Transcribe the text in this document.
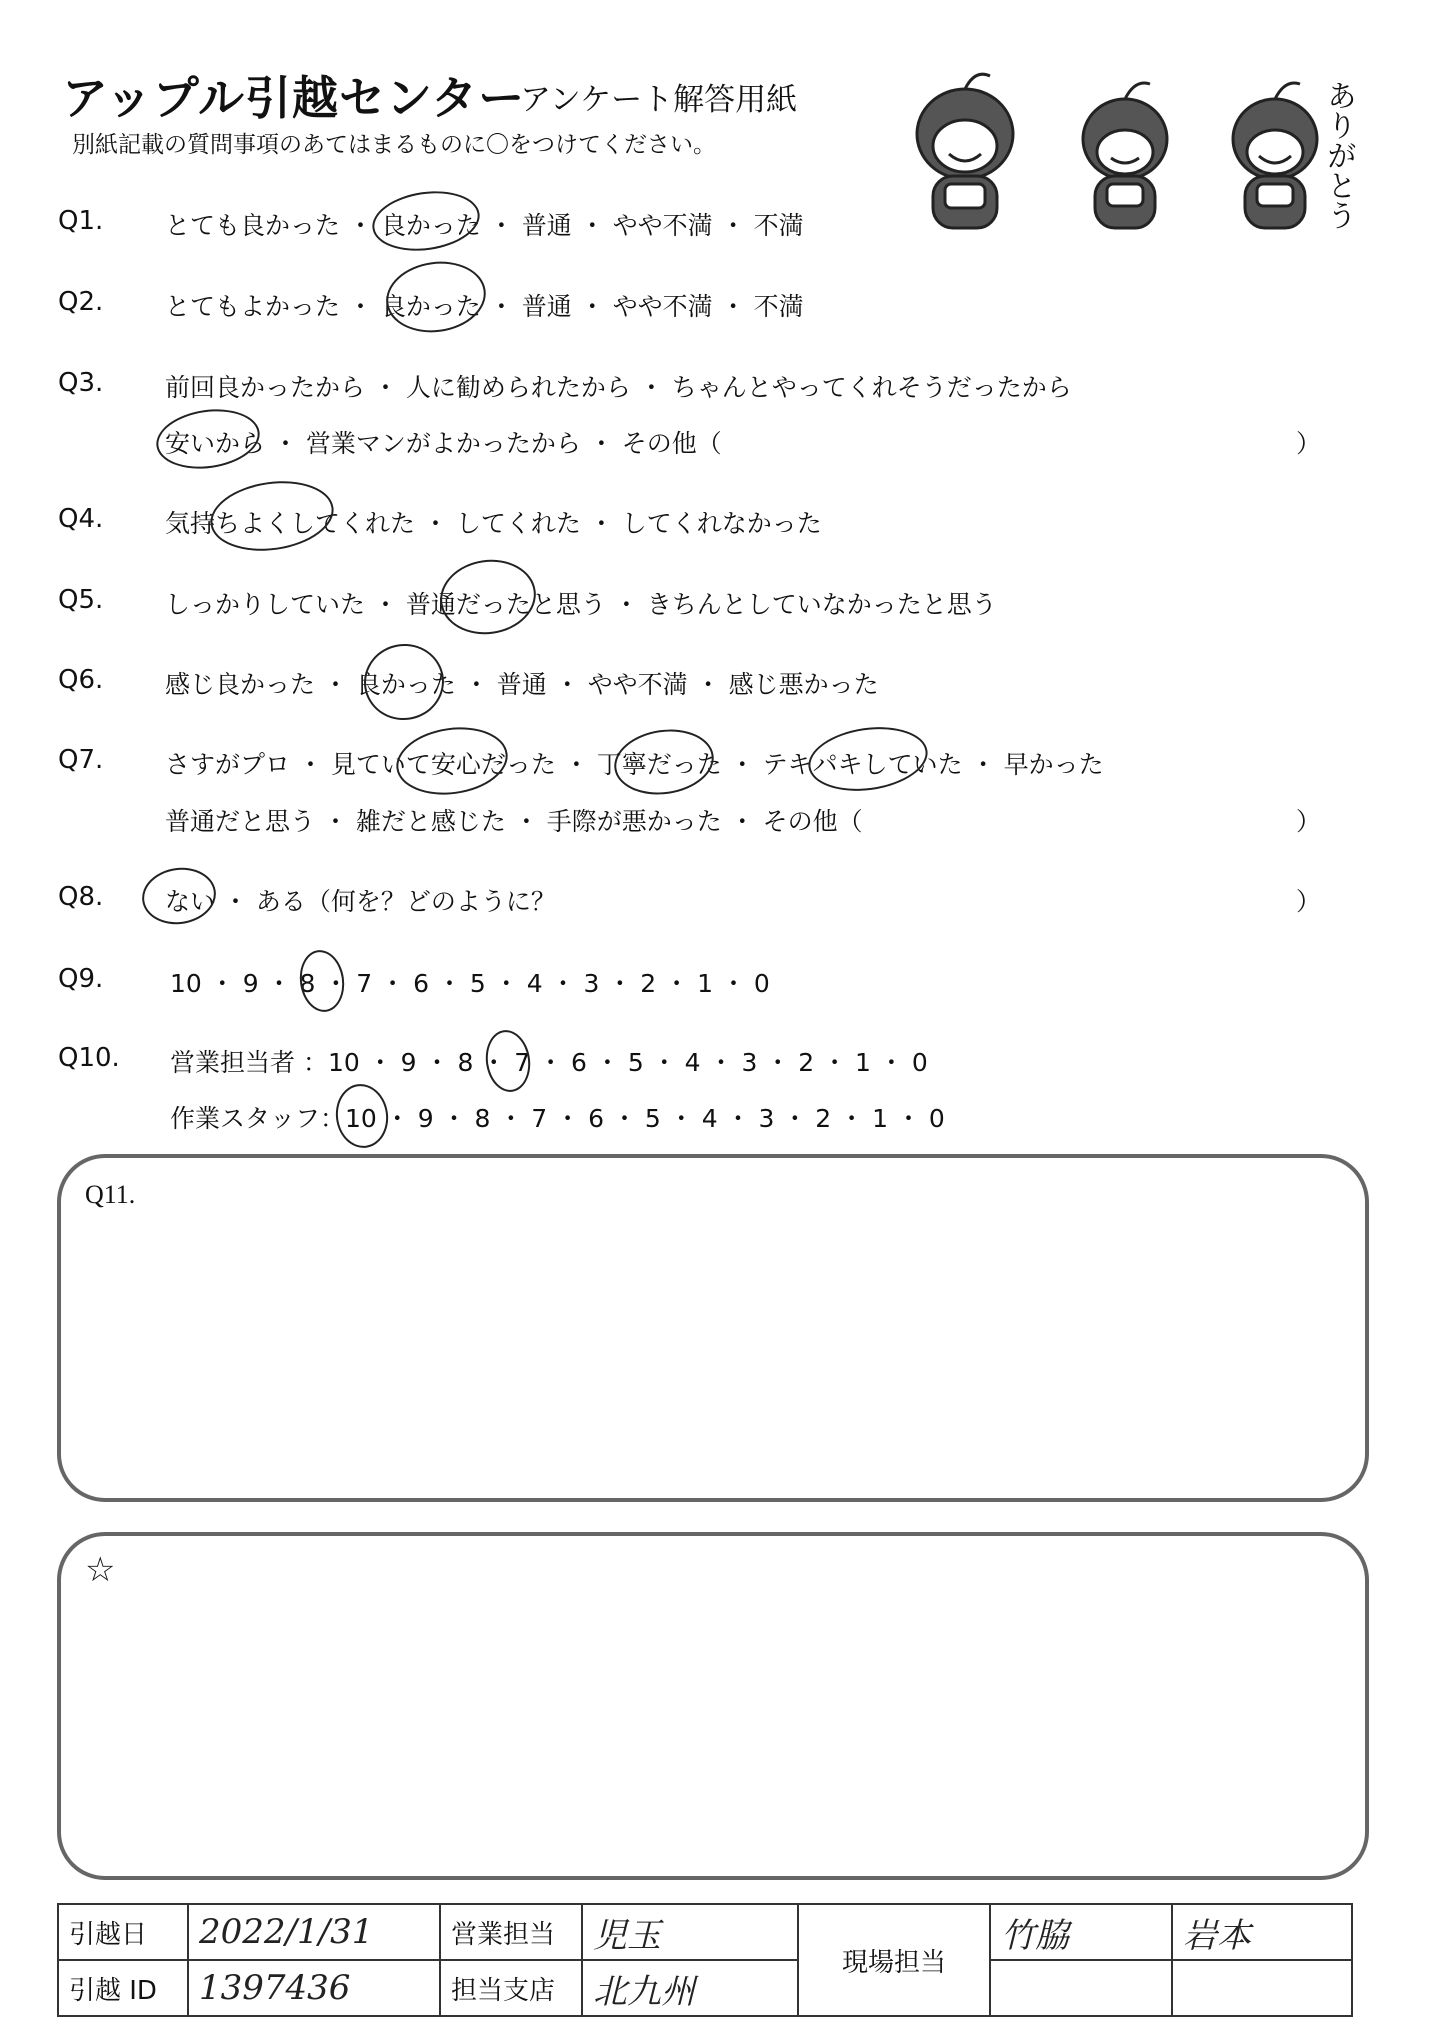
アップル引越センター
アンケート解答用紙
別紙記載の質問事項のあてはまるものに〇をつけてください。	ありがとう
Q1. とても良かった ・ 良かった ・ 普通 ・ やや不満 ・ 不満
Q2. とてもよかった ・ 良かった ・ 普通 ・ やや不満 ・ 不満
Q3. 前回良かったから ・ 人に勧められたから ・ ちゃんとやってくれそうだったから
安いから ・ 営業マンがよかったから ・ その他（	）
Q4. 気持ちよくしてくれた ・ してくれた ・ してくれなかった
Q5. しっかりしていた ・ 普通だったと思う ・ きちんとしていなかったと思う
Q6. 感じ良かった ・ 良かった ・ 普通 ・ やや不満 ・ 感じ悪かった
Q7. さすがプロ ・ 見ていて安心だった ・ 丁寧だった ・ テキパキしていた ・ 早かった
普通だと思う ・ 雑だと感じた ・ 手際が悪かった ・ その他（	）
Q8. ない ・ ある（何を？どのように？	）
Q9.	10 ・ 9 ・ 8 ・ 7 ・ 6 ・ 5 ・ 4 ・ 3 ・ 2 ・ 1 ・ 0
Q10. 営業担当者 ：10 ・ 9 ・ 8 ・ 7 ・ 6 ・ 5 ・ 4 ・ 3 ・ 2 ・ 1 ・ 0
作業スタッフ：10 ・ 9 ・ 8 ・ 7 ・ 6 ・ 5 ・ 4 ・ 3 ・ 2 ・ 1 ・ 0
Q11.
☆
引越日	2022/1/31	営業担当	児玉	現場担当	竹脇	岩本
引越 ID	1397436	担当支店	北九州			
